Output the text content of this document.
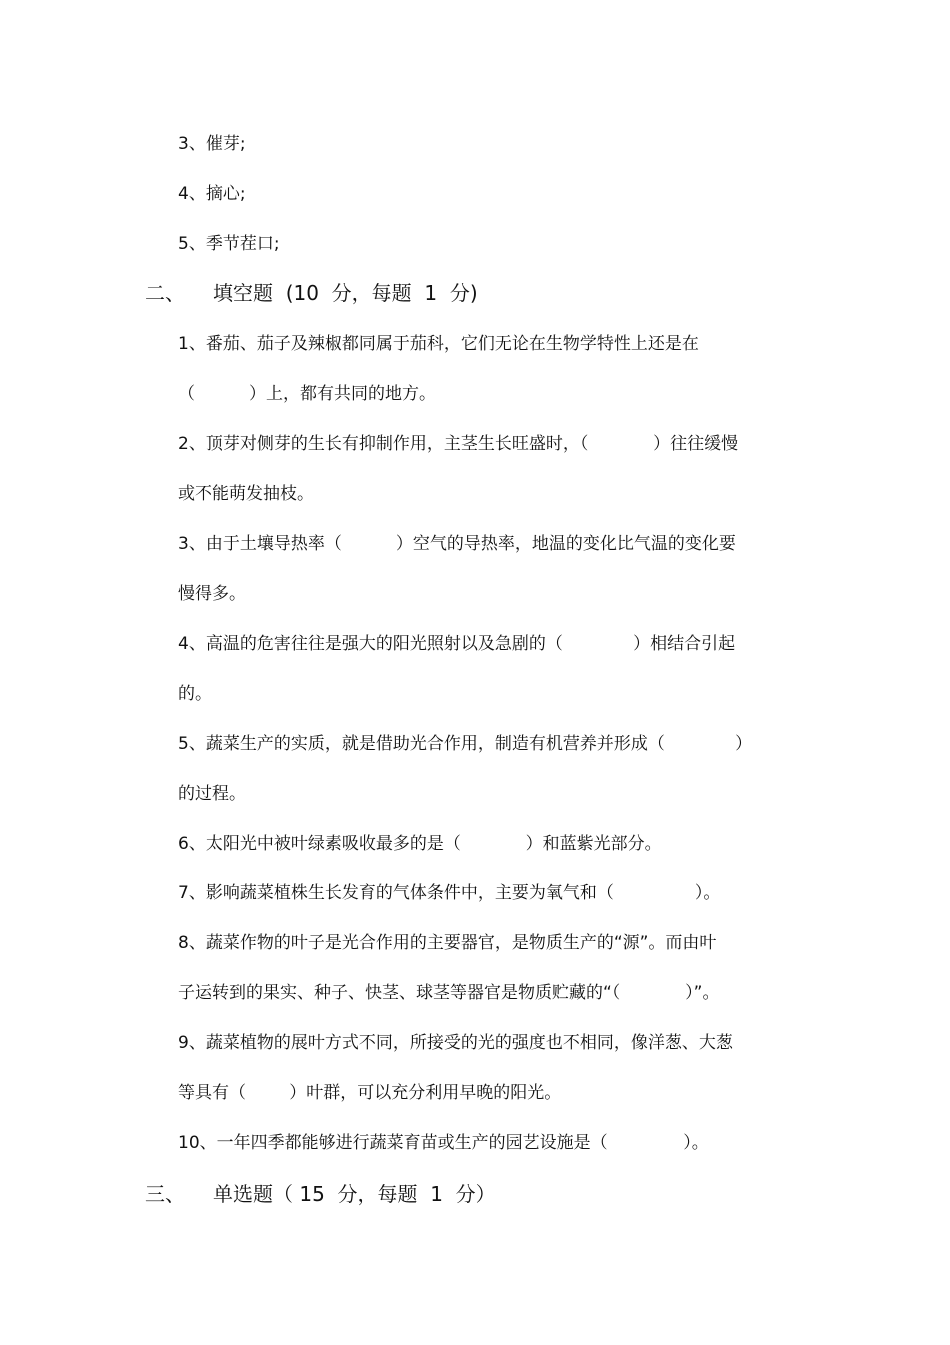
3、催芽;

4、摘心;

5、季节茬口;

二、 填空题  (10  分，每题  1  分)

1、番茄、茄子及辣椒都同属于茄科，它们无论在生物学特性上还是在

（          ）上，都有共同的地方。

2、顶芽对侧芽的生长有抑制作用，主茎生长旺盛时，（            ）往往缓慢

或不能萌发抽枝。

3、由于土壤导热率（          ）空气的导热率，地温的变化比气温的变化要

慢得多。

4、高温的危害往往是强大的阳光照射以及急剧的（             ）相结合引起

的。

5、蔬菜生产的实质，就是借助光合作用，制造有机营养并形成（             ）

的过程。

6、太阳光中被叶绿素吸收最多的是（            ）和蓝紫光部分。

7、影响蔬菜植株生长发育的气体条件中，主要为氧气和（               ）。

8、蔬菜作物的叶子是光合作用的主要器官，是物质生产的“源”。而由叶

子运转到的果实、种子、快茎、球茎等器官是物质贮藏的“（            ）”。

9、蔬菜植物的展叶方式不同，所接受的光的强度也不相同，像洋葱、大葱

等具有（        ）叶群，可以充分利用早晚的阳光。

10、一年四季都能够进行蔬菜育苗或生产的园艺设施是（              ）。

三、 单选题（ 15  分，每题  1  分）
